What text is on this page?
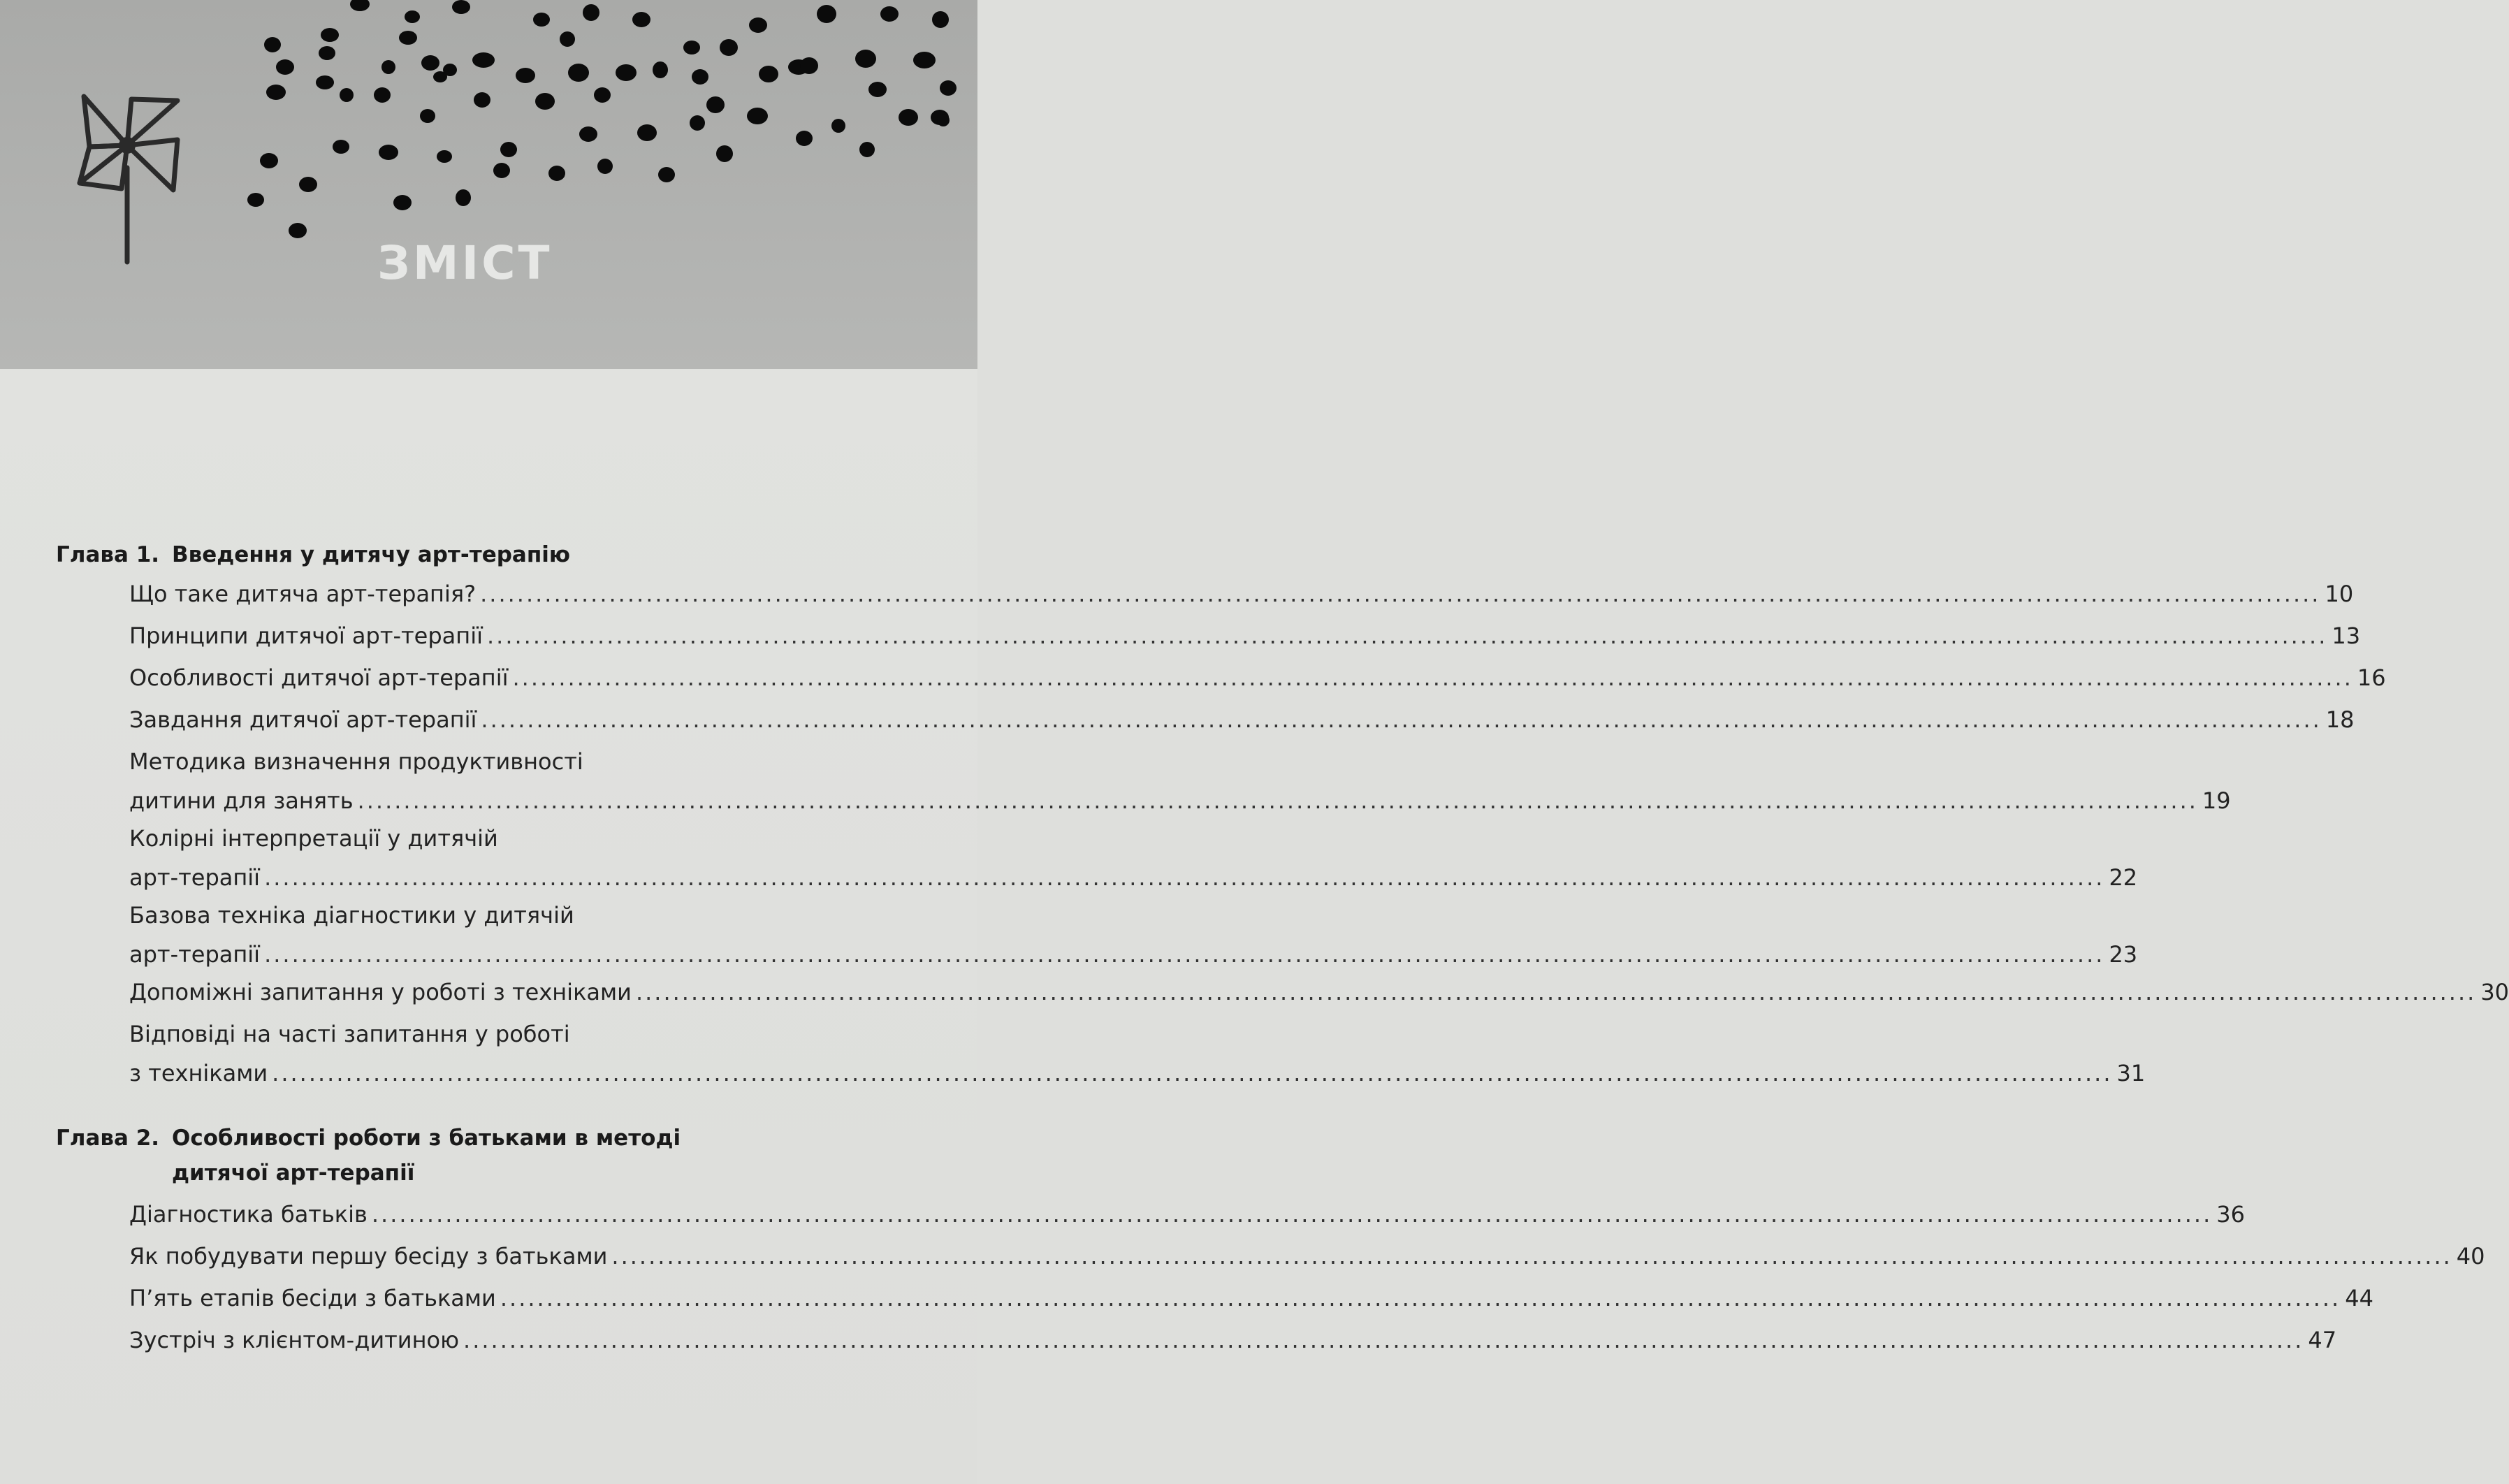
ЗМІСТ
Глава 1. Введення у дитячу арт-терапію
Що таке дитяча арт-терапія? ........................................................................................................................................................................................................ 10
Принципи дитячої арт-терапії ........................................................................................................................................................................................................ 13
Особливості дитячої арт-терапії ........................................................................................................................................................................................................ 16
Завдання дитячої арт-терапії ........................................................................................................................................................................................................ 18
Методика визначення продуктивності
дитини для занять ........................................................................................................................................................................................................ 19
Колірні інтерпретації у дитячій
арт-терапії ........................................................................................................................................................................................................ 22
Базова техніка діагностики у дитячій
арт-терапії ........................................................................................................................................................................................................ 23
Допоміжні запитання у роботі з техніками ........................................................................................................................................................................................................ 30
Відповіді на часті запитання у роботі
з техніками ........................................................................................................................................................................................................ 31
Глава 2. Особливості роботи з батьками в методі
дитячої арт-терапії
Діагностика батьків ........................................................................................................................................................................................................ 36
Як побудувати першу бесіду з батьками ........................................................................................................................................................................................................ 40
П’ять етапів бесіди з батьками ........................................................................................................................................................................................................ 44
Зустріч з клієнтом-дитиною ........................................................................................................................................................................................................ 47
